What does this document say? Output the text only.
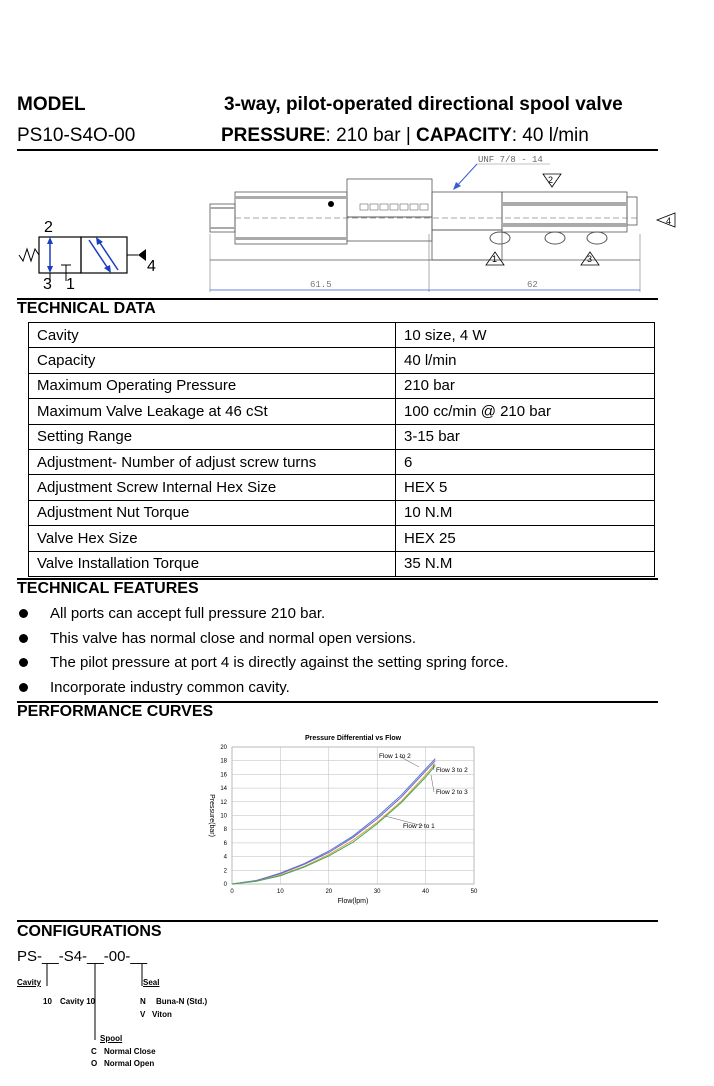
MODEL	3-way, pilot-operated directional spool valve
PS10-S4O-00	PRESSURE: 210 bar | CAPACITY: 40 l/min
2
4
3 1
UNF 7/8 - 14
61.5	62
2
1	3
4
TECHNICAL DATA
Cavity	10 size, 4 W
Capacity	40 l/min
Maximum Operating Pressure	210 bar
Maximum Valve Leakage at 46 cSt	100 cc/min @ 210 bar
Setting Range	3-15 bar
Adjustment- Number of adjust screw turns	6
Adjustment Screw Internal Hex Size	HEX 5
Adjustment Nut Torque	10 N.M
Valve Hex Size	HEX 25
Valve Installation Torque	35 N.M
TECHNICAL FEATURES
All ports can accept full pressure 210 bar.
This valve has normal close and normal open versions.
The pilot pressure at port 4 is directly against the setting spring force.
Incorporate industry common cavity.
PERFORMANCE CURVES
0	10	20	30	40	50
0
2
4
6
8
10
12
14
16
18
20
Pressure Differential vs Flow
Flow(lpm)
Pressure(bar)
Flow 1 to 2
Flow 3 to 2
Flow 2 to 3
Flow 2 to 1
CONFIGURATIONS
PS-__-S4-__-00-__
Cavity
10 Cavity 10
Seal
N Buna-N (Std.)
V Viton
Spool
C Normal Close
O Normal Open
